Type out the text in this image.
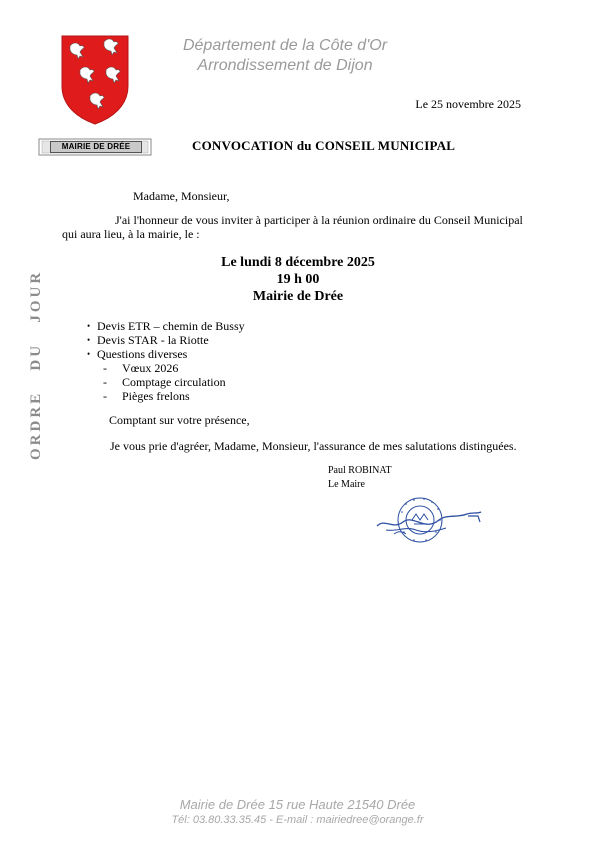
Département de la Côte d'Or
Arrondissement de Dijon
Le 25 novembre 2025
MAIRIE DE DRÉE	CONVOCATION du CONSEIL MUNICIPAL
ORDRE   DU   JOUR
Madame, Monsieur,
J'ai l'honneur de vous inviter à participer à la réunion ordinaire du Conseil Municipal
qui aura lieu, à la mairie, le :
Le lundi 8 décembre 2025
19 h 00
Mairie de Drée
• Devis ETR – chemin de Bussy
• Devis STAR - la Riotte
• Questions diverses
- Vœux 2026
- Comptage circulation
- Pièges frelons
Comptant sur votre présence,
Je vous prie d'agréer, Madame, Monsieur, l'assurance de mes salutations distinguées.
Paul ROBINAT
Le Maire
Mairie de Drée 15 rue Haute 21540 Drée
Tél: 03.80.33.35.45 - E-mail : mairiedree@orange.fr
